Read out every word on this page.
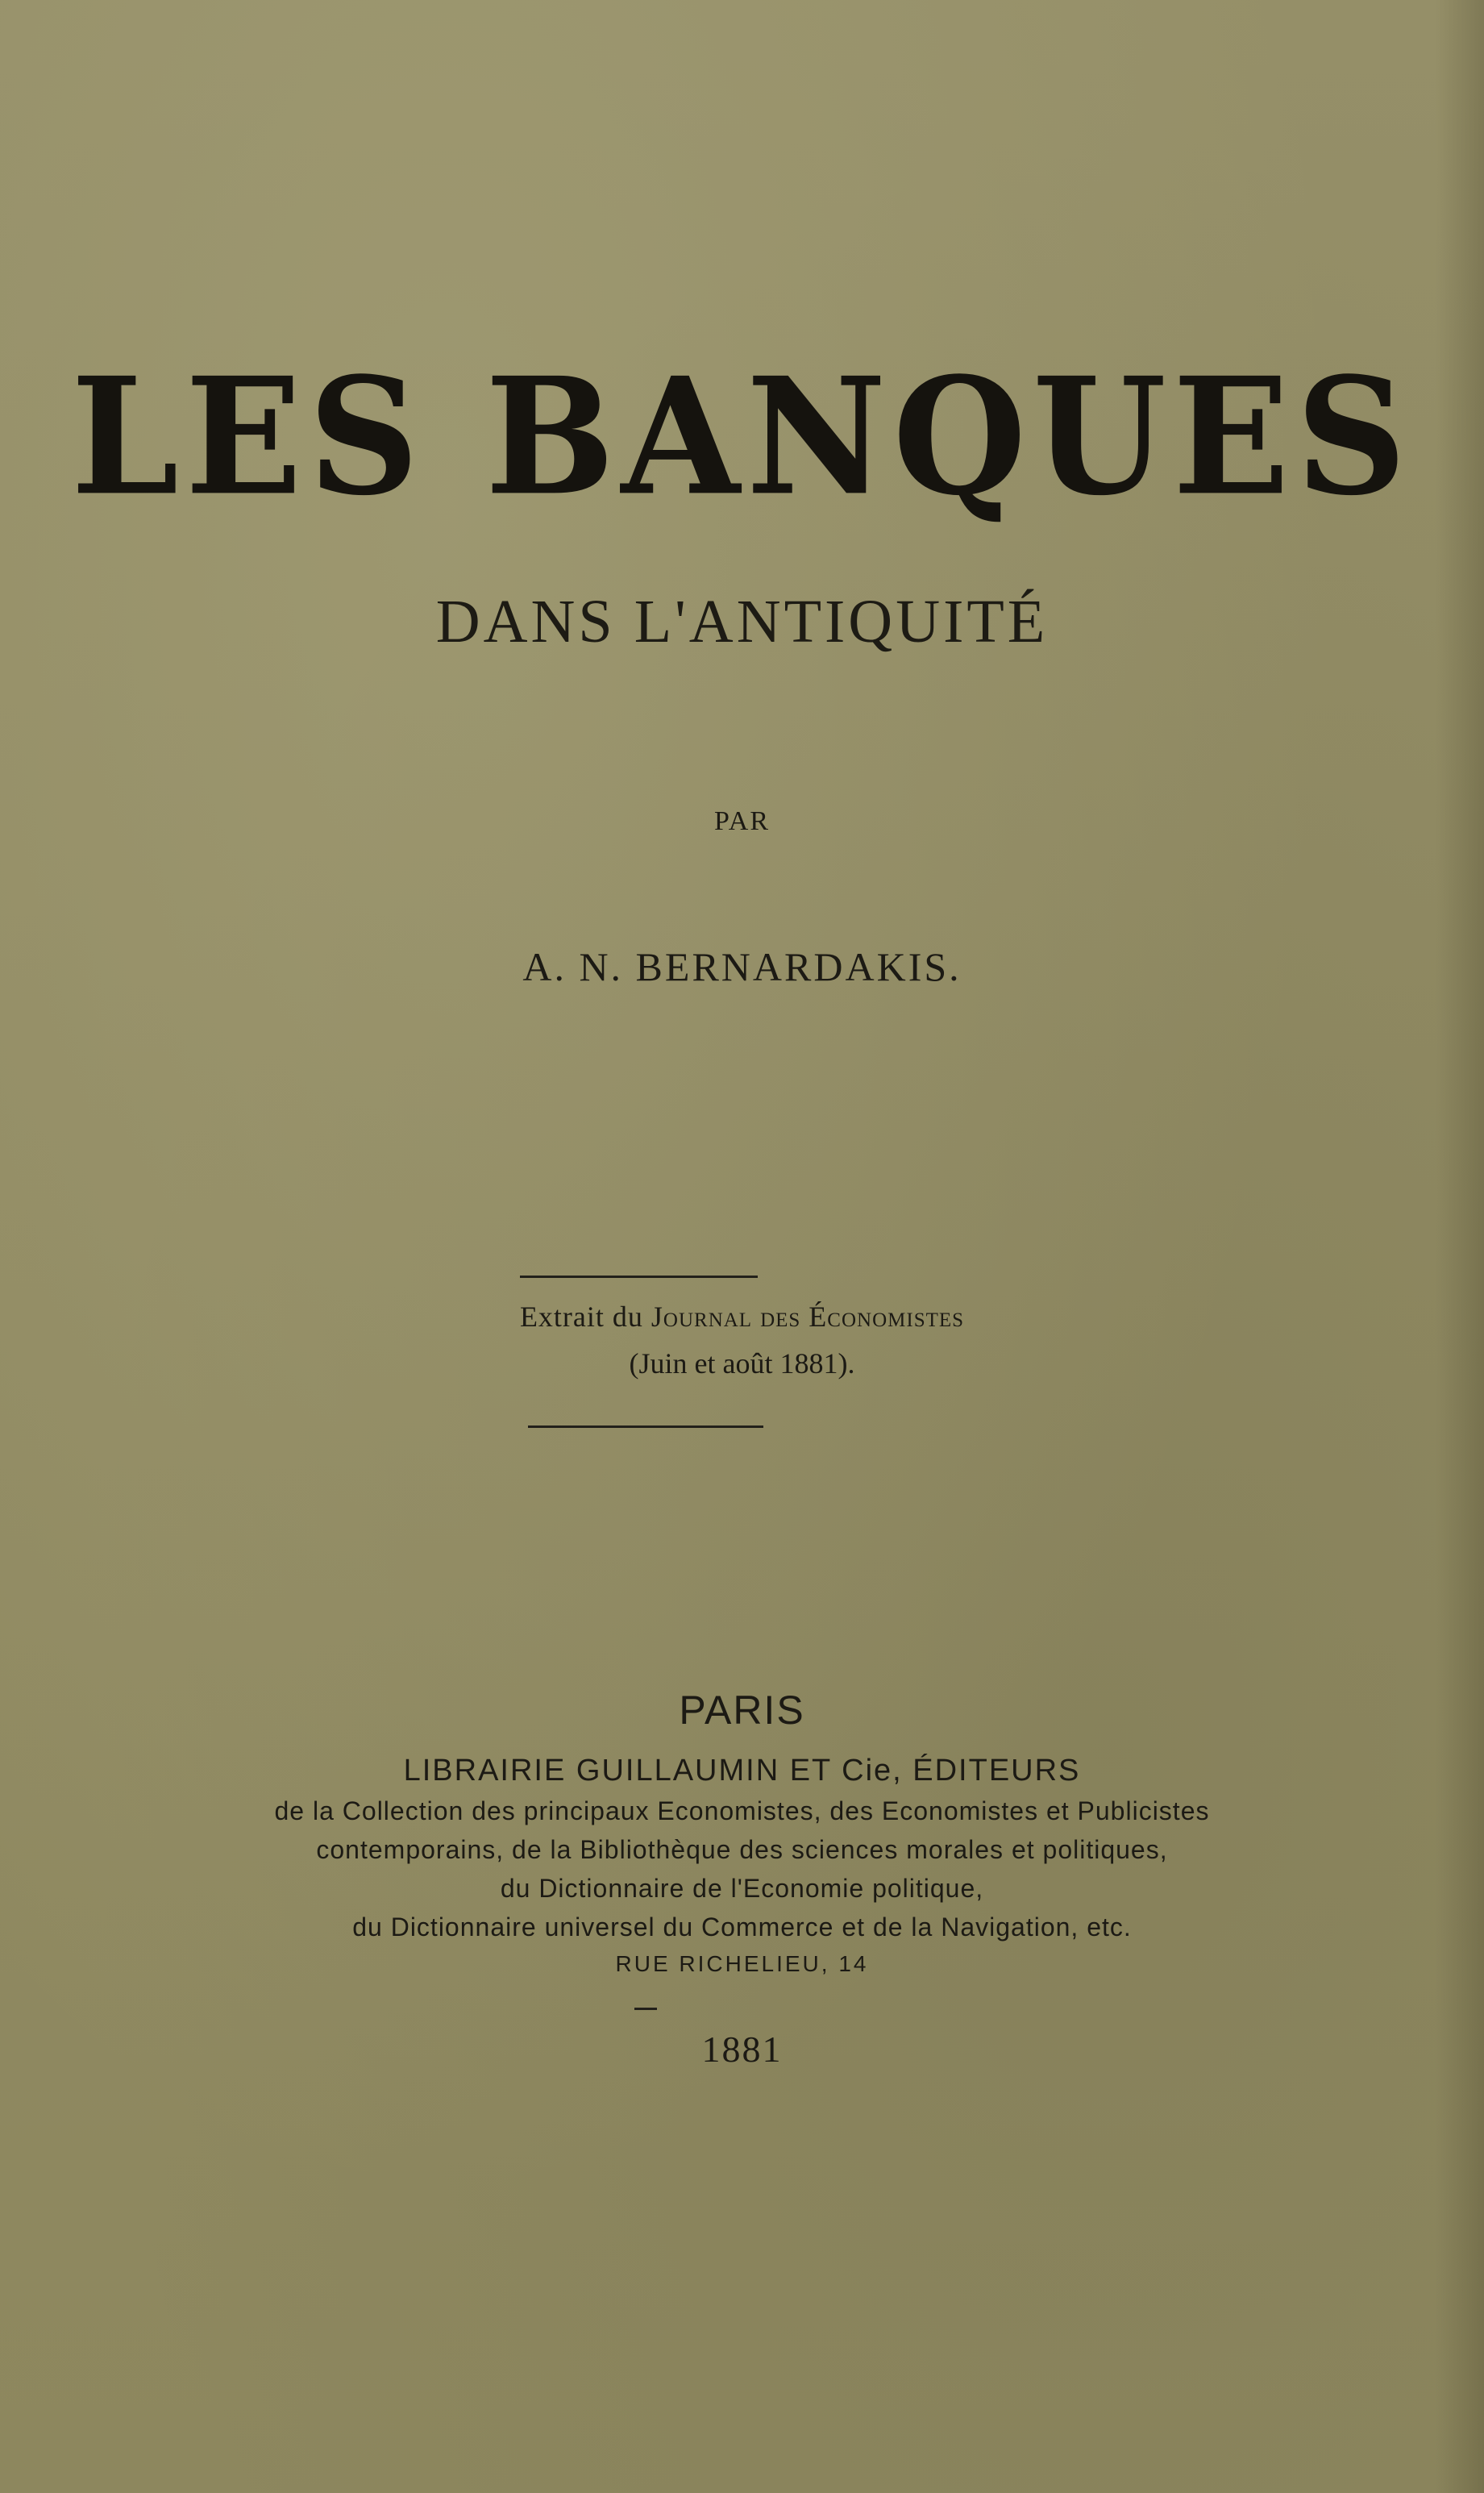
LES BANQUES
DANS L'ANTIQUITÉ
PAR
A. N. BERNARDAKIS.
Extrait du Journal des Économistes
(Juin et août 1881).
PARIS
LIBRAIRIE GUILLAUMIN ET Cie, ÉDITEURS
de la Collection des principaux Economistes, des Economistes et Publicistes
contemporains, de la Bibliothèque des sciences morales et politiques,
du Dictionnaire de l'Economie politique,
du Dictionnaire universel du Commerce et de la Navigation, etc.
RUE RICHELIEU, 14
1881
